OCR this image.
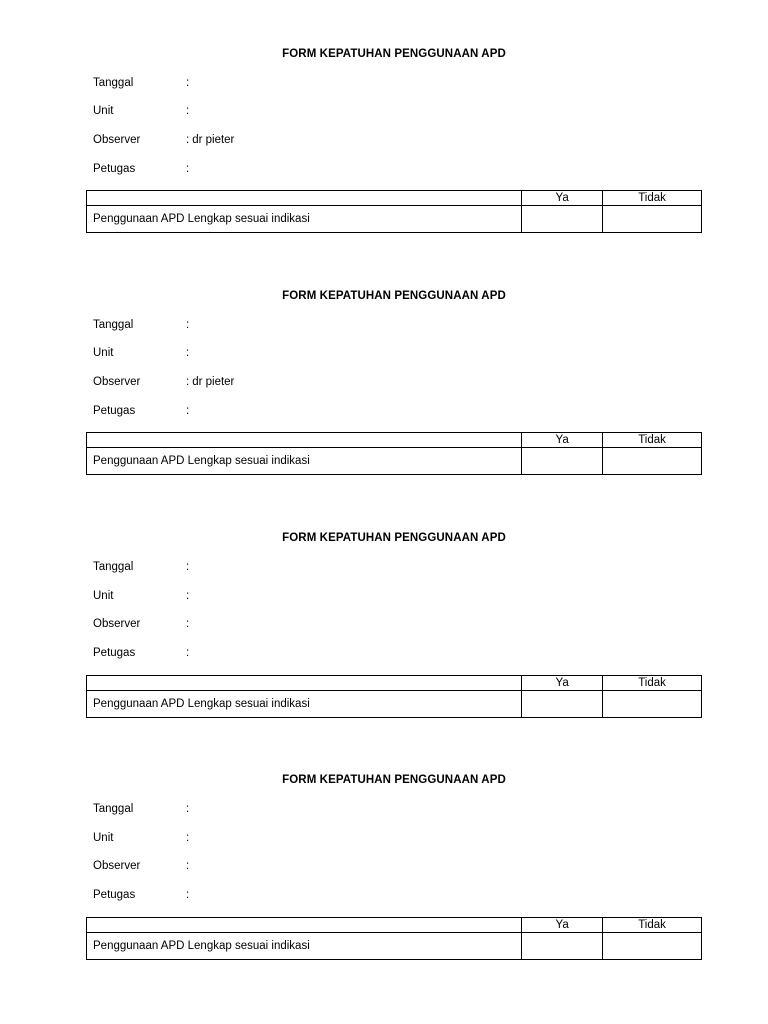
FORM KEPATUHAN PENGGUNAAN APD
Tanggal	:
Unit	:
Observer	: dr pieter
Petugas	:
	Ya	Tidak
Penggunaan APD Lengkap sesuai indikasi		
FORM KEPATUHAN PENGGUNAAN APD
Tanggal	:
Unit	:
Observer	: dr pieter
Petugas	:
	Ya	Tidak
Penggunaan APD Lengkap sesuai indikasi		
FORM KEPATUHAN PENGGUNAAN APD
Tanggal	:
Unit	:
Observer	:
Petugas	:
	Ya	Tidak
Penggunaan APD Lengkap sesuai indikasi		
FORM KEPATUHAN PENGGUNAAN APD
Tanggal	:
Unit	:
Observer	:
Petugas	:
	Ya	Tidak
Penggunaan APD Lengkap sesuai indikasi		
